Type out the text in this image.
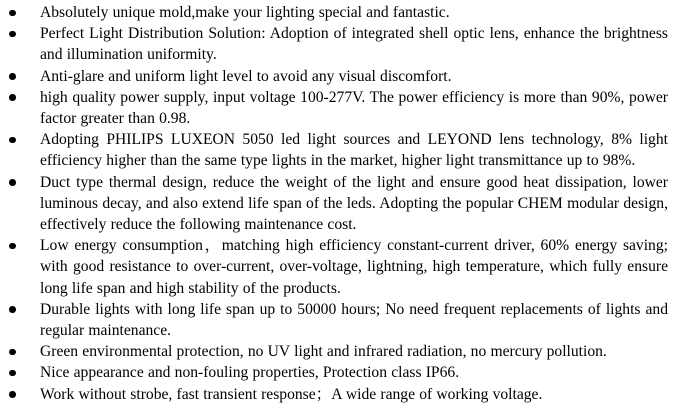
Absolutely unique mold,make your lighting special and fantastic.
Perfect Light Distribution Solution: Adoption of integrated shell optic lens, enhance the brightness and illumination uniformity.
Anti-glare and uniform light level to avoid any visual discomfort.
high quality power supply, input voltage 100-277V. The power efficiency is more than 90%, power factor greater than 0.98.
Adopting PHILIPS LUXEON 5050 led light sources and LEYOND lens technology, 8% light efficiency higher than the same type lights in the market, higher light transmittance up to 98%.
Duct type thermal design, reduce the weight of the light and ensure good heat dissipation, lower luminous decay, and also extend life span of the leds. Adopting the popular CHEM modular design, effectively reduce the following maintenance cost.
Low energy consumption，matching high efficiency constant-current driver, 60% energy saving; with good resistance to over-current, over-voltage, lightning, high temperature, which fully ensure long life span and high stability of the products.
Durable lights with long life span up to 50000 hours; No need frequent replacements of lights and regular maintenance.
Green environmental protection, no UV light and infrared radiation, no mercury pollution.
Nice appearance and non-fouling properties, Protection class IP66.
Work without strobe, fast transient response；A wide range of working voltage.
